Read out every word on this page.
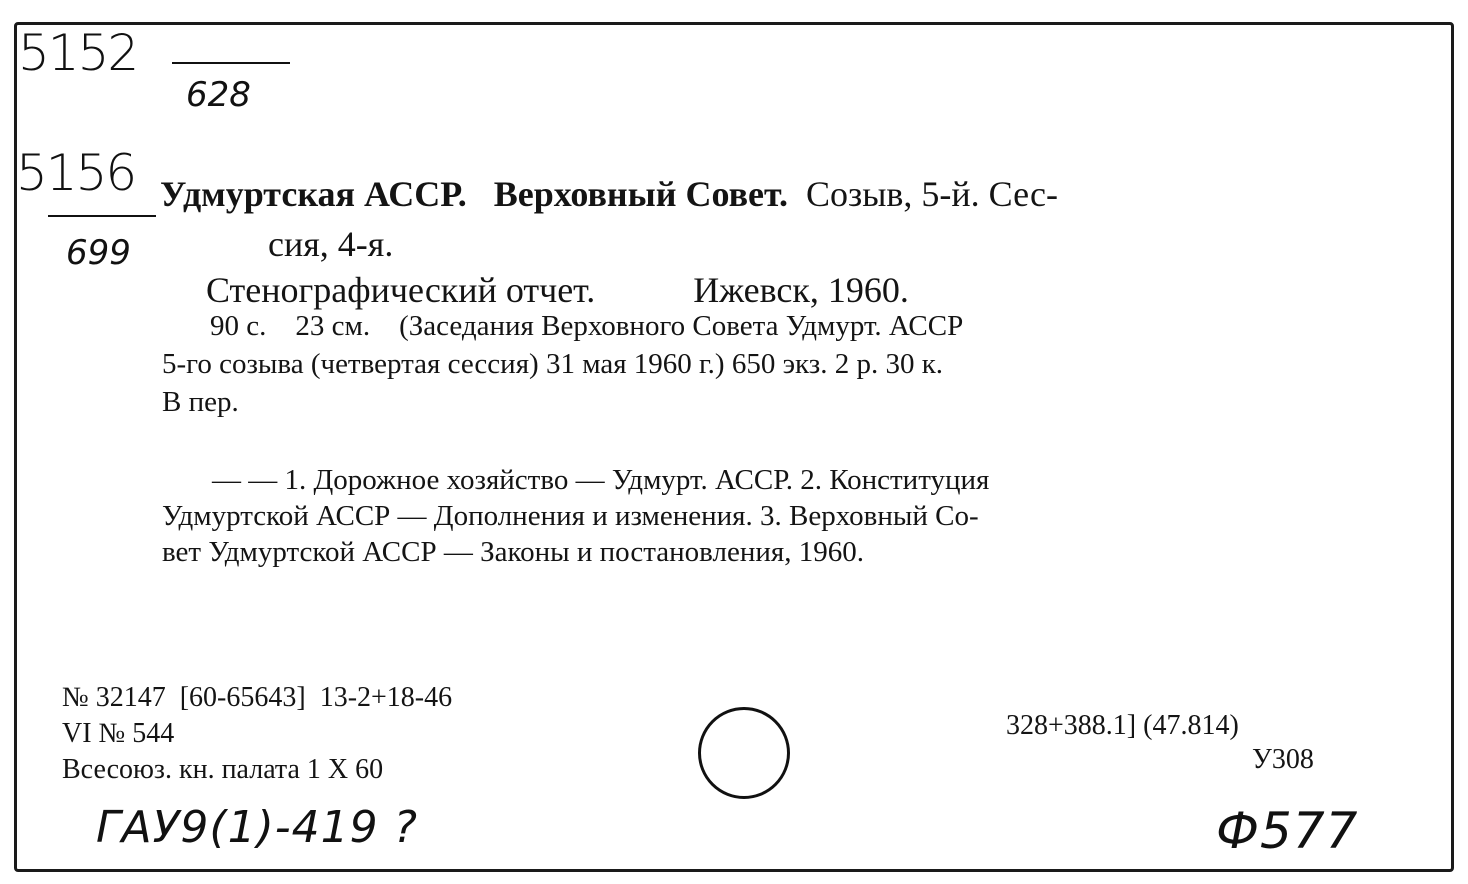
5152
628
5156
699
Удмуртская АССР. Верховный Совет. Созыв, 5-й. Сес-
сия, 4-я.
Стенографический отчет.	Ижевск, 1960.
90 с.    23 см.    (Заседания Верховного Совета Удмурт. АССР
5-го созыва (четвертая сессия) 31 мая 1960 г.) 650 экз. 2 р. 30 к.
В пер.
— — 1. Дорожное хозяйство — Удмурт. АССР. 2. Конституция
Удмуртской АССР — Дополнения и изменения. 3. Верховный Со-
вет Удмуртской АССР — Законы и постановления, 1960.
№ 32147  [60-65643]  13-2+18-46
VI № 544
Всесоюз. кн. палата 1 X 60
328+388.1] (47.814)
У308
ГАУ9(1)-419 ?	Ф577
